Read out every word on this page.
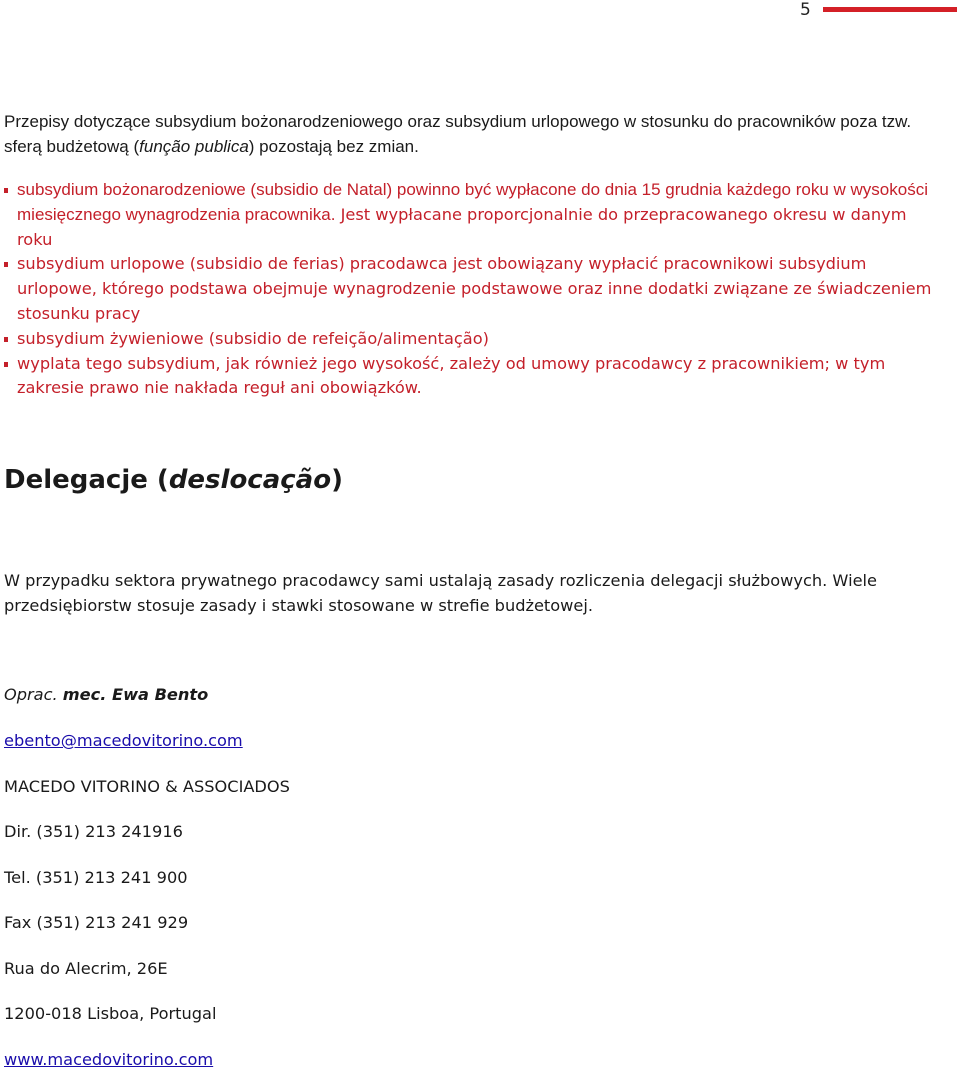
5
Przepisy dotyczące subsydium bożonarodzeniowego oraz subsydium urlopowego w stosunku do pracowników poza tzw. sferą budżetową (função publica) pozostają bez zmian.
subsydium bożonarodzeniowe (subsidio de Natal) powinno być wypłacone do dnia 15 grudnia każdego roku w wysokości miesięcznego wynagrodzenia pracownika. Jest wypłacane proporcjonalnie do przepracowanego okresu w danym roku
subsydium urlopowe (subsidio de ferias) pracodawca jest obowiązany wypłacić pracownikowi subsydium urlopowe, którego podstawa obejmuje wynagrodzenie podstawowe oraz inne dodatki związane ze świadczeniem stosunku pracy
subsydium żywieniowe (subsidio de refeição/alimentação)
wyplata tego subsydium, jak również jego wysokość, zależy od umowy pracodawcy z pracownikiem; w tym zakresie prawo nie nakłada reguł ani obowiązków.
Delegacje (deslocação)
W przypadku sektora prywatnego pracodawcy sami ustalają zasady rozliczenia delegacji służbowych. Wiele przedsiębiorstw stosuje zasady i stawki stosowane w strefie budżetowej.
Oprac. mec. Ewa Bento
ebento@macedovitorino.com
MACEDO VITORINO & ASSOCIADOS
Dir. (351) 213 241916
Tel. (351) 213 241 900
Fax (351) 213 241 929
Rua do Alecrim, 26E
1200-018 Lisboa, Portugal
www.macedovitorino.com
